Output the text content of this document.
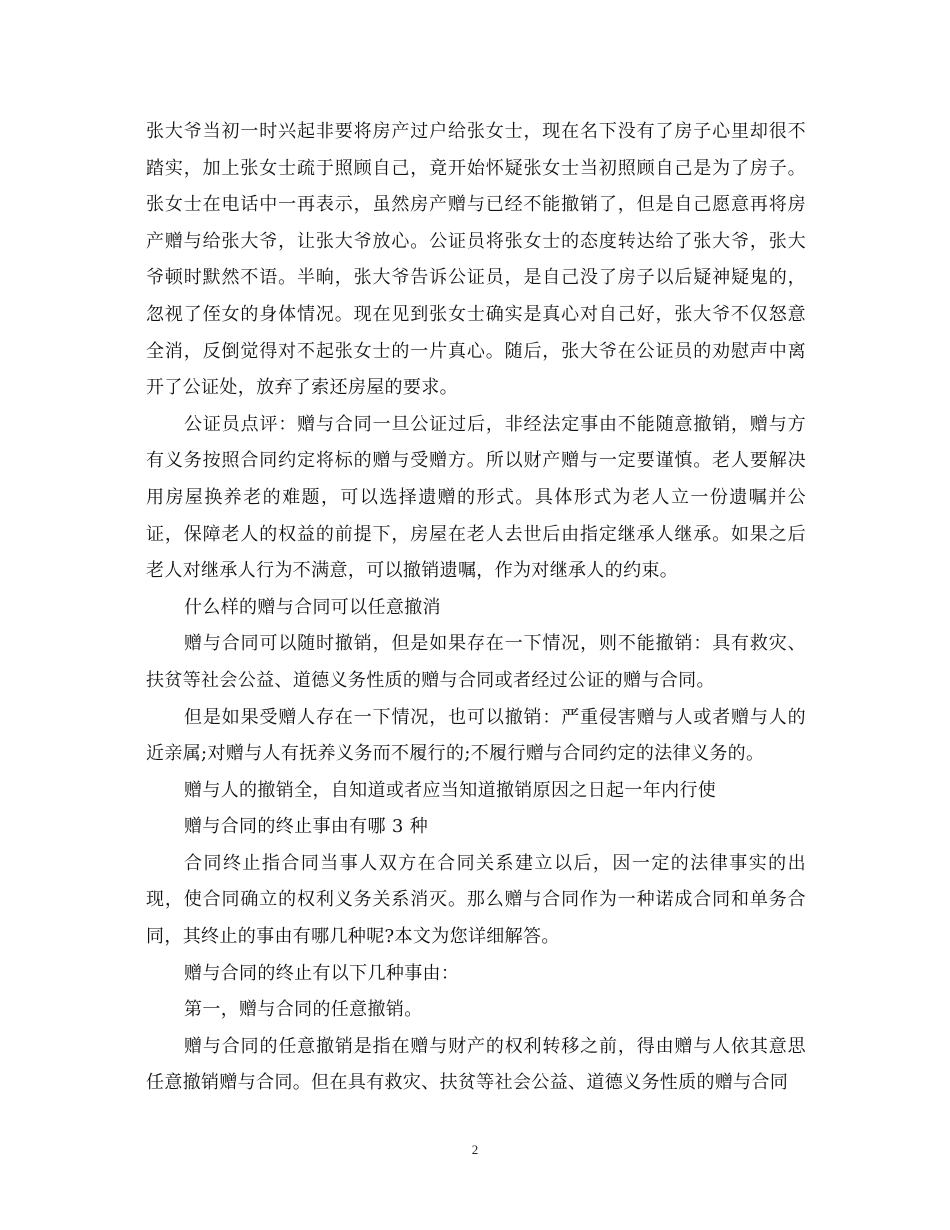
张大爷当初一时兴起非要将房产过户给张女士，现在名下没有了房子心里却很不踏实，加上张女士疏于照顾自己，竟开始怀疑张女士当初照顾自己是为了房子。张女士在电话中一再表示，虽然房产赠与已经不能撤销了，但是自己愿意再将房产赠与给张大爷，让张大爷放心。公证员将张女士的态度转达给了张大爷，张大爷顿时默然不语。半晌，张大爷告诉公证员，是自己没了房子以后疑神疑鬼的，忽视了侄女的身体情况。现在见到张女士确实是真心对自己好，张大爷不仅怒意全消，反倒觉得对不起张女士的一片真心。随后，张大爷在公证员的劝慰声中离开了公证处，放弃了索还房屋的要求。

公证员点评：赠与合同一旦公证过后，非经法定事由不能随意撤销，赠与方有义务按照合同约定将标的赠与受赠方。所以财产赠与一定要谨慎。老人要解决用房屋换养老的难题，可以选择遗赠的形式。具体形式为老人立一份遗嘱并公证，保障老人的权益的前提下，房屋在老人去世后由指定继承人继承。如果之后老人对继承人行为不满意，可以撤销遗嘱，作为对继承人的约束。

什么样的赠与合同可以任意撤消

赠与合同可以随时撤销，但是如果存在一下情况，则不能撤销：具有救灾、扶贫等社会公益、道德义务性质的赠与合同或者经过公证的赠与合同。

但是如果受赠人存在一下情况，也可以撤销：严重侵害赠与人或者赠与人的近亲属;对赠与人有抚养义务而不履行的;不履行赠与合同约定的法律义务的。

赠与人的撤销全，自知道或者应当知道撤销原因之日起一年内行使

赠与合同的终止事由有哪 3 种

合同终止指合同当事人双方在合同关系建立以后，因一定的法律事实的出现，使合同确立的权利义务关系消灭。那么赠与合同作为一种诺成合同和单务合同，其终止的事由有哪几种呢?本文为您详细解答。

赠与合同的终止有以下几种事由：

第一，赠与合同的任意撤销。

赠与合同的任意撤销是指在赠与财产的权利转移之前，得由赠与人依其意思任意撤销赠与合同。但在具有救灾、扶贫等社会公益、道德义务性质的赠与合同

2
